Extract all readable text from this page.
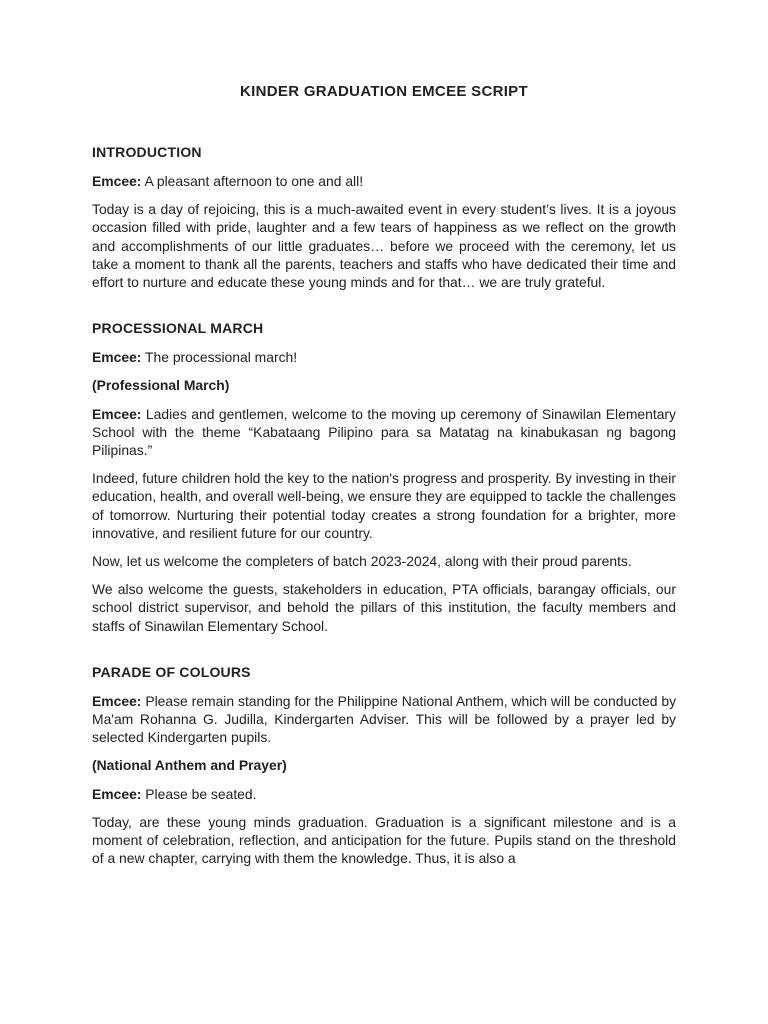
KINDER GRADUATION EMCEE SCRIPT
INTRODUCTION

Emcee: A pleasant afternoon to one and all!

Today is a day of rejoicing, this is a much-awaited event in every student’s lives. It is a joyous occasion filled with pride, laughter and a few tears of happiness as we reflect on the growth and accomplishments of our little graduates… before we proceed with the ceremony, let us take a moment to thank all the parents, teachers and staffs who have dedicated their time and effort to nurture and educate these young minds and for that… we are truly grateful.

PROCESSIONAL MARCH

Emcee: The processional march!

(Professional March)

Emcee: Ladies and gentlemen, welcome to the moving up ceremony of Sinawilan Elementary School with the theme “Kabataang Pilipino para sa Matatag na kinabukasan ng bagong Pilipinas.”

Indeed, future children hold the key to the nation's progress and prosperity. By investing in their education, health, and overall well-being, we ensure they are equipped to tackle the challenges of tomorrow. Nurturing their potential today creates a strong foundation for a brighter, more innovative, and resilient future for our country.

Now, let us welcome the completers of batch 2023-2024, along with their proud parents.

We also welcome the guests, stakeholders in education, PTA officials, barangay officials, our school district supervisor, and behold the pillars of this institution, the faculty members and staffs of Sinawilan Elementary School.

PARADE OF COLOURS

Emcee: Please remain standing for the Philippine National Anthem, which will be conducted by Ma'am Rohanna G. Judilla, Kindergarten Adviser. This will be followed by a prayer led by selected Kindergarten pupils.

(National Anthem and Prayer)

Emcee: Please be seated.

Today, are these young minds graduation. Graduation is a significant milestone and is a moment of celebration, reflection, and anticipation for the future. Pupils stand on the threshold of a new chapter, carrying with them the knowledge. Thus, it is also a
